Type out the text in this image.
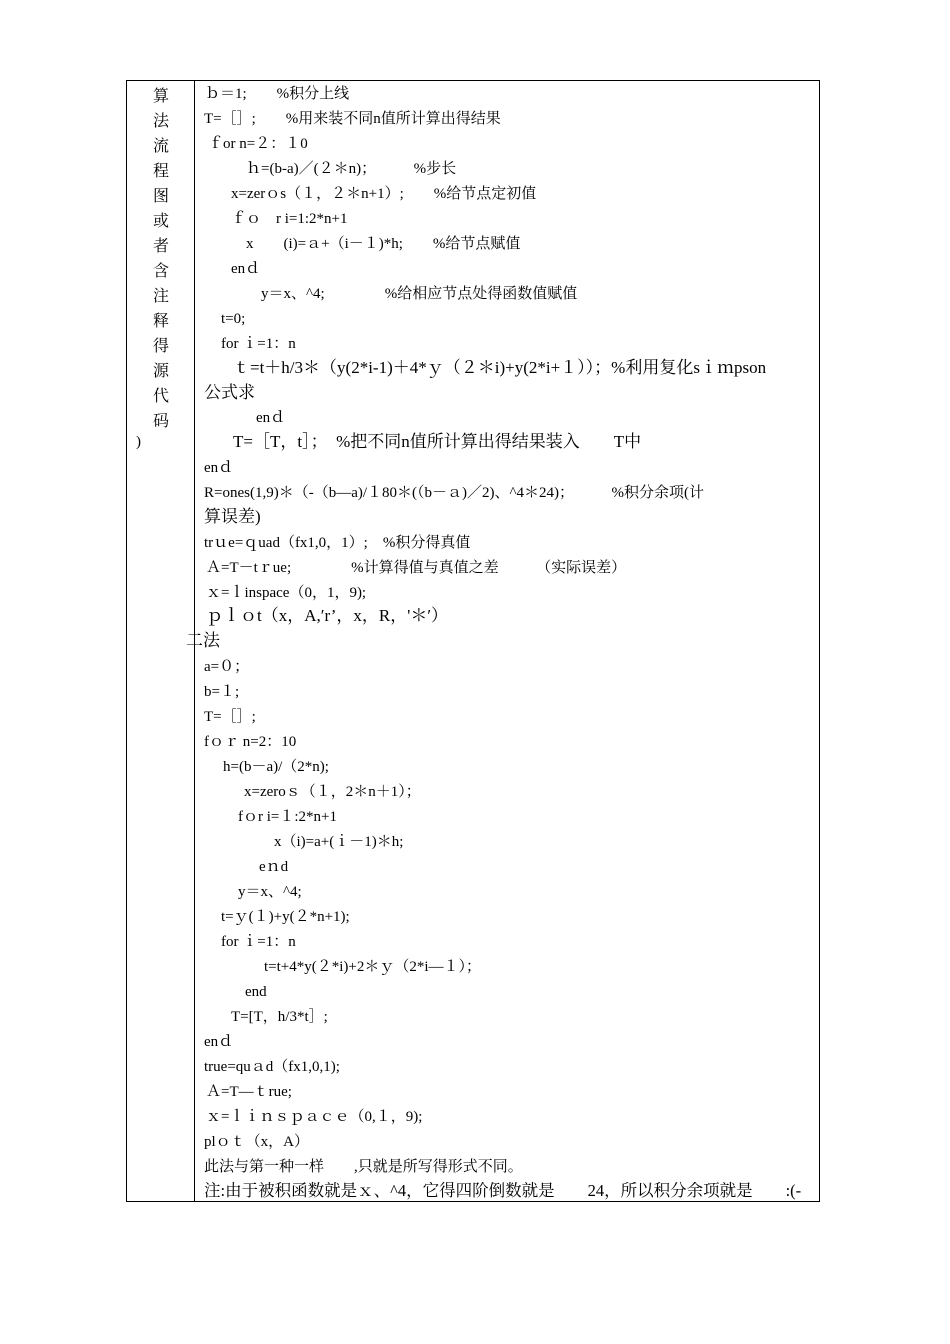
算
法
流
程
图
或
者
含
注
释
得
源
代
码
)
ｂ＝1;　　%积分上线
T=［］;　　%用来装不同n值所计算出得结果
ｆor n=２：１0
　　ｈ=(b-a)／(２＊n)；　　　%步长
　x=zerｏs（１，２＊n+1）;　　%给节点定初值
　ｆｏ　r i=1:2*n+1
　　x　　(i)=ａ+（i－１)*h;　　%给节点赋值
　enｄ
　　　y＝x、^4;　　　　%给相应节点处得函数值赋值
t=0;
for ｉ=1：n
　ｔ=t＋h/3＊（y(2*i-1)＋4*ｙ（２＊i)+y(2*i+１））；%利用复化sｉｍpson
公式求
　　enｄ
　T=［T，t］；　%把不同n值所计算出得结果装入　　T中
enｄ
R=ones(1,9)＊（-（b—a)/１80＊(（b－ａ)／2)、^4＊24)；　　　%积分余项(计
算误差)
trｕe=ｑuad（fx1,0，1）;　%积分得真值
Ａ=T－tｒue;　　　　%计算得值与真值之差　　　（实际误差）
ｘ=ｌinspace（0，1，9);
ｐｌｏt（x，A,′r’，x，R，'＊′）
二法
a=０；
b=１;
T=［］;
fｏｒ n=2：10
　h=(b－a)/（2*n);
　　x=zeroｓ（１，2＊n＋1）；
　　fｏr i=１:2*n+1
　　　　x（i)=a+(ｉ－1)＊h;
　　　eｎd
　　y＝x、^4;
t=ｙ(１)+y(２*n+1);
for ｉ=1：n
　　t=t+4*y(２*i)+2＊ｙ（2*i—１）；
　end
　T=[T，h/3*t］;
enｄ
true=quａd（fx1,0,1);
Ａ=T—ｔrue;
ｘ=ｌｉｎｓｐａｃｅ（0,１，9);
plｏｔ（x，A）
此法与第一种一样　　,只就是所写得形式不同。
注:由于被积函数就是ｘ、^4，它得四阶倒数就是　　24，所以积分余项就是　　:(-
